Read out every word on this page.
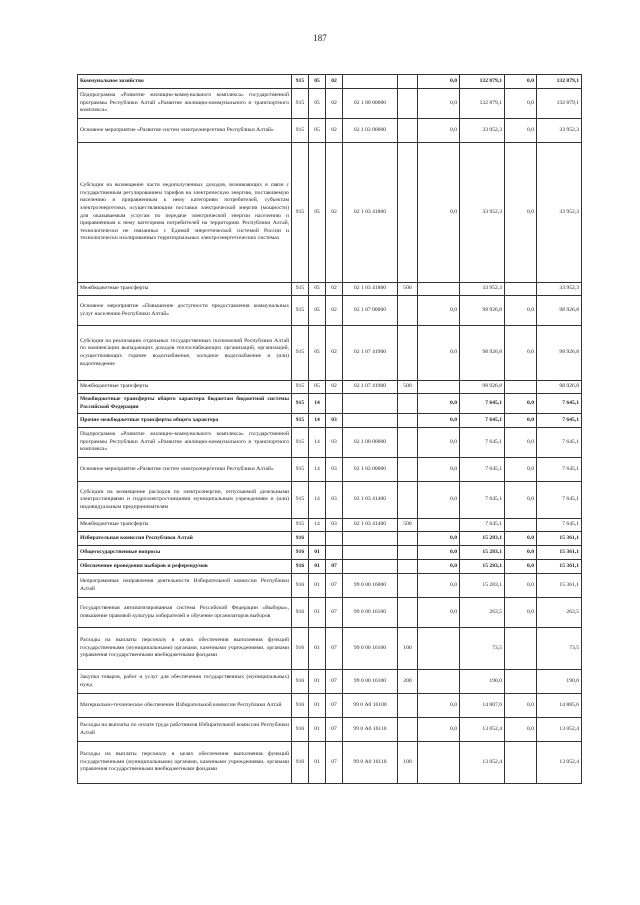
187
Коммунальное хозяйство	915	05	02			0,0	132 879,1	0,0	132 879,1
Подпрограмма «Развитие жилищно-коммунального комплекса» государственной программы Республики Алтай «Развитие жилищно-коммунального и транспортного комплекса»	915	05	02	02 1 00 00000		0,0	132 879,1	0,0	132 879,1
Основное мероприятие «Развитие систем электроэнергетики Республики Алтай»	915	05	02	02 1 03 00000		0,0	33 952,3	0,0	33 952,3
Субсидии на возмещение части недополученных доходов, возникающих в связи с государственным регулированием тарифов на электрическую энергию, поставляемую населению и приравненным к нему категориям потребителей, субъектам электроэнергетики, осуществляющим поставки электрической энергии (мощности) для оказываемым услугам по передаче электрической энергии населению и приравненным к нему категориям потребителей на территориях Республики Алтай, технологически не связанных с Единой энергетической системой России и технологически изолированных территориальных электроэнергетических системах	915	05	02	02 1 03 41800		0,0	33 952,3	0,0	33 952,3
Межбюджетные трансферты	915	05	02	02 1 03 41800	500		33 952,3		33 952,3
Основное мероприятие «Повышение доступности предоставления коммунальных услуг населению Республики Алтай»	915	05	02	02 1 07 00000		0,0	98 926,8	0,0	98 926,8
Субсидии на реализацию отдельных государственных полномочий Республики Алтай по компенсации выпадающих доходов теплоснабжающих организаций, организаций, осуществляющих горячее водоснабжение, холодное водоснабжение и (или) водоотведение	915	05	02	02 1 07 41900		0,0	98 926,8	0,0	98 926,8
Межбюджетные трансферты	915	05	02	02 1 07 41900	500		98 926,8		98 926,8
Межбюджетные трансферты общего характера бюджетам бюджетной системы Российской Федерации	915	14				0,0	7 645,1	0,0	7 645,1
Прочие межбюджетные трансферты общего характера	915	14	03			0,0	7 645,1	0,0	7 645,1
Подпрограмма «Развитие жилищно-коммунального комплекса» государственной программы Республики Алтай «Развитие жилищно-коммунального и транспортного комплекса»	915	14	03	02 1 00 00000		0,0	7 645,1	0,0	7 645,1
Основное мероприятие «Развитие систем электроэнергетики Республики Алтай»	915	14	03	02 1 03 00000		0,0	7 645,1	0,0	7 645,1
Субсидии на возмещение расходов по электроэнергии, отпускаемой дизельными электростанциями и гидроэлектростанциями муниципальным учреждениям и (или) индивидуальным предпринимателям	915	14	03	02 1 03 41400		0,0	7 645,1	0,0	7 645,1
Межбюджетные трансферты	915	14	03	02 1 03 41400	500		7 645,1		7 645,1
Избирательная комиссия Республики Алтай	916					0,0	15 283,1	0,0	15 361,1
Общегосударственные вопросы	916	01				0,0	15 283,1	0,0	15 361,1
Обеспечение проведения выборов и референдумов	916	01	07			0,0	15 283,1	0,0	15 361,1
Непрограммные направления деятельности Избирательной комиссии Республики Алтай	916	01	07	99 0 00 16000		0,0	15 283,1	0,0	15 361,1
Государственная автоматизированная система Российской Федерации «Выборы», повышение правовой культуры избирателей и обучение организаторов выборов	916	01	07	99 0 00 16100		0,0	263,5	0,0	263,5
Расходы на выплаты персоналу в целях обеспечения выполнения функций государственными (муниципальными) органами, казенными учреждениями, органами управления государственными внебюджетными фондами	916	01	07	99 0 00 16100	100		73,5		73,5
Закупка товаров, работ и услуг для обеспечения государственных (муниципальных) нужд	916	01	07	99 0 00 16100	200		190,0		190,0
Материально-техническое обеспечение Избирательной комиссии Республики Алтай	916	01	07	99 0 А0 16100		0,0	14 807,6	0,0	14 885,6
Расходы на выплаты по оплате труда работников Избирательной комиссии Республики Алтай	916	01	07	99 0 А0 16110		0,0	13 052,4	0,0	13 052,4
Расходы на выплаты персоналу в целях обеспечения выполнения функций государственными (муниципальными) органами, казенными учреждениями, органами управления государственными внебюджетными фондами	916	01	07	99 0 А0 16110	100		13 052,4		13 052,4
